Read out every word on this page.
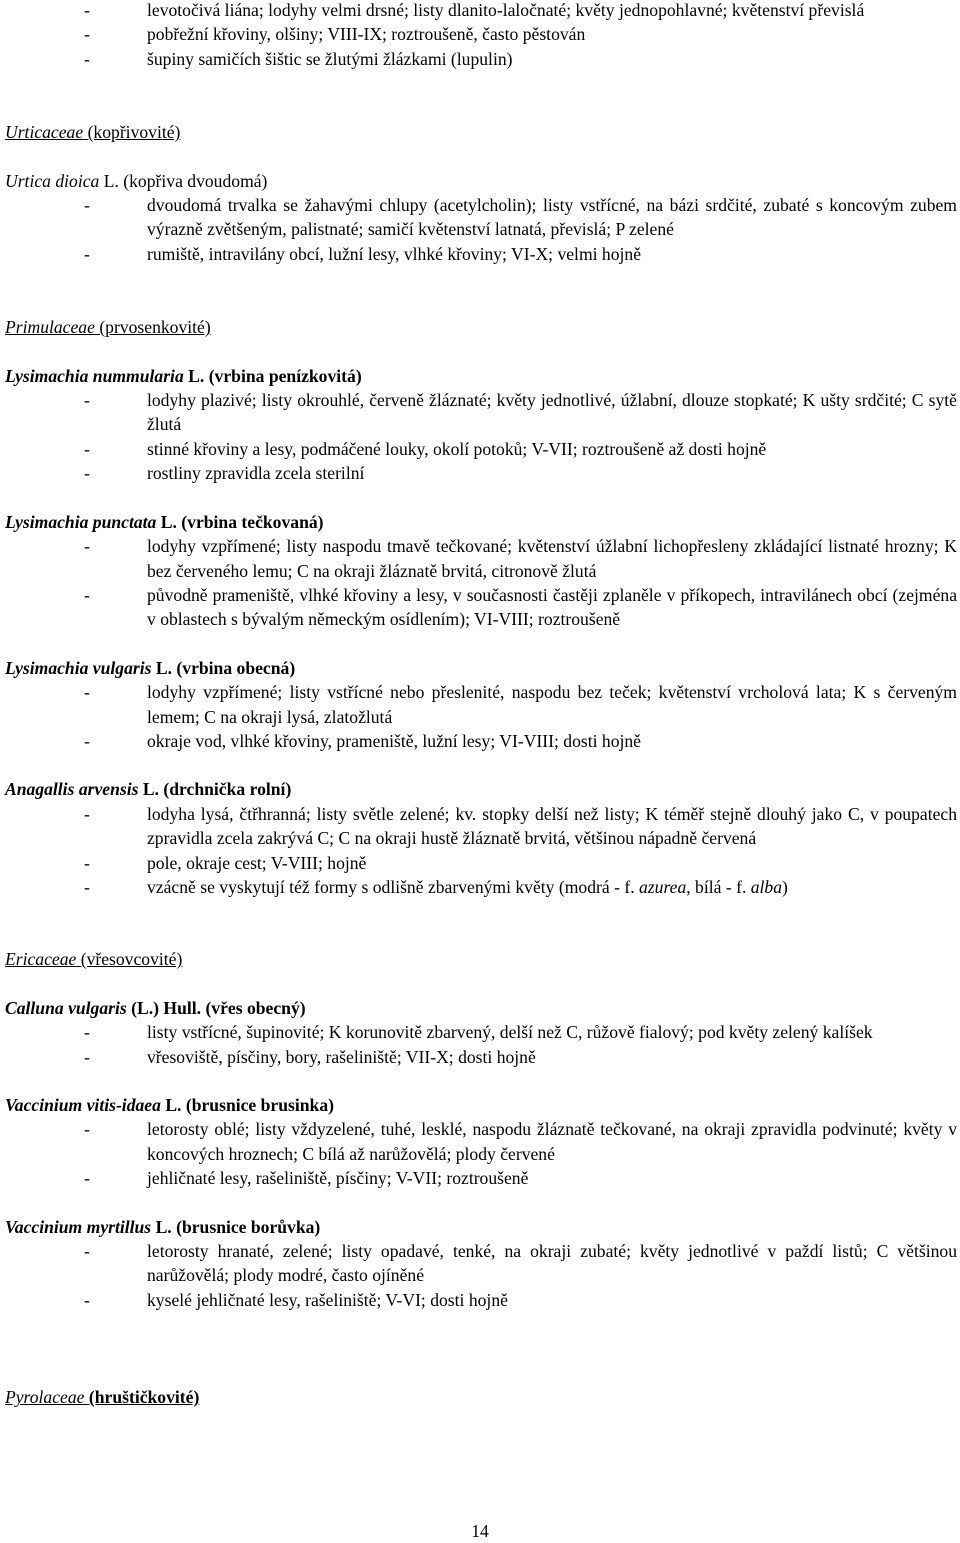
- levotočivá liána; lodyhy velmi drsné; listy dlanito-laločnaté; květy jednopohlavné; květenství převislá
- pobřežní křoviny, olšiny; VIII-IX; roztroušeně, často pěstován
- šupiny samičích šištic se žlutými žlázkami (lupulin)

Urticaceae (kopřivovité)

Urtica dioica L. (kopřiva dvoudomá)

- dvoudomá trvalka se žahavými chlupy (acetylcholin); listy vstřícné, na bázi srdčité, zubaté s koncovým zubem výrazně zvětšeným, palistnaté; samičí květenství latnatá, převislá; P zelené
- rumiště, intravilány obcí, lužní lesy, vlhké křoviny; VI-X; velmi hojně

Primulaceae (prvosenkovité)

Lysimachia nummularia L. (vrbina penízkovitá)

- lodyhy plazivé; listy okrouhlé, červeně žláznaté; květy jednotlivé, úžlabní, dlouze stopkaté; K ušty srdčité; C sytě žlutá
- stinné křoviny a lesy, podmáčené louky, okolí potoků; V-VII; roztroušeně až dosti hojně
- rostliny zpravidla zcela sterilní

Lysimachia punctata L. (vrbina tečkovaná)

- lodyhy vzpřímené; listy naspodu tmavě tečkované; květenství úžlabní lichopřesleny zkládající listnaté hrozny; K bez červeného lemu; C na okraji žláznatě brvitá, citronově žlutá
- původně prameniště, vlhké křoviny a lesy, v současnosti častěji zplaněle v příkopech, intravilánech obcí (zejména v oblastech s bývalým německým osídlením); VI-VIII; roztroušeně

Lysimachia vulgaris L. (vrbina obecná)

- lodyhy vzpřímené; listy vstřícné nebo přeslenité, naspodu bez teček; květenství vrcholová lata; K s červeným lemem; C na okraji lysá, zlatožlutá
- okraje vod, vlhké křoviny, prameniště, lužní lesy; VI-VIII; dosti hojně

Anagallis arvensis L. (drchnička rolní)

- lodyha lysá, čtřhranná; listy světle zelené; kv. stopky delší než listy; K téměř stejně dlouhý jako C, v poupatech zpravidla zcela zakrývá C; C na okraji hustě žláznatě brvitá, většinou nápadně červená
- pole, okraje cest; V-VIII; hojně
- vzácně se vyskytují též formy s odlišně zbarvenými květy (modrá - f. azurea, bílá - f. alba)

Ericaceae (vřesovcovité)

Calluna vulgaris (L.) Hull. (vřes obecný)

- listy vstřícné, šupinovité; K korunovitě zbarvený, delší než C, růžově fialový; pod květy zelený kalíšek
- vřesoviště, písčiny, bory, rašeliniště; VII-X; dosti hojně

Vaccinium vitis-idaea L. (brusnice brusinka)

- letorosty oblé; listy vždyzelené, tuhé, lesklé, naspodu žláznatě tečkované, na okraji zpravidla podvinuté; květy v koncových hroznech; C bílá až narůžovělá; plody červené
- jehličnaté lesy, rašeliniště, písčiny; V-VII; roztroušeně

Vaccinium myrtillus L. (brusnice borůvka)

- letorosty hranaté, zelené; listy opadavé, tenké, na okraji zubaté; květy jednotlivé v paždí listů; C většinou narůžovělá; plody modré, často ojíněné
- kyselé jehličnaté lesy, rašeliniště; V-VI; dosti hojně

Pyrolaceae (hruštičkovité)

14
